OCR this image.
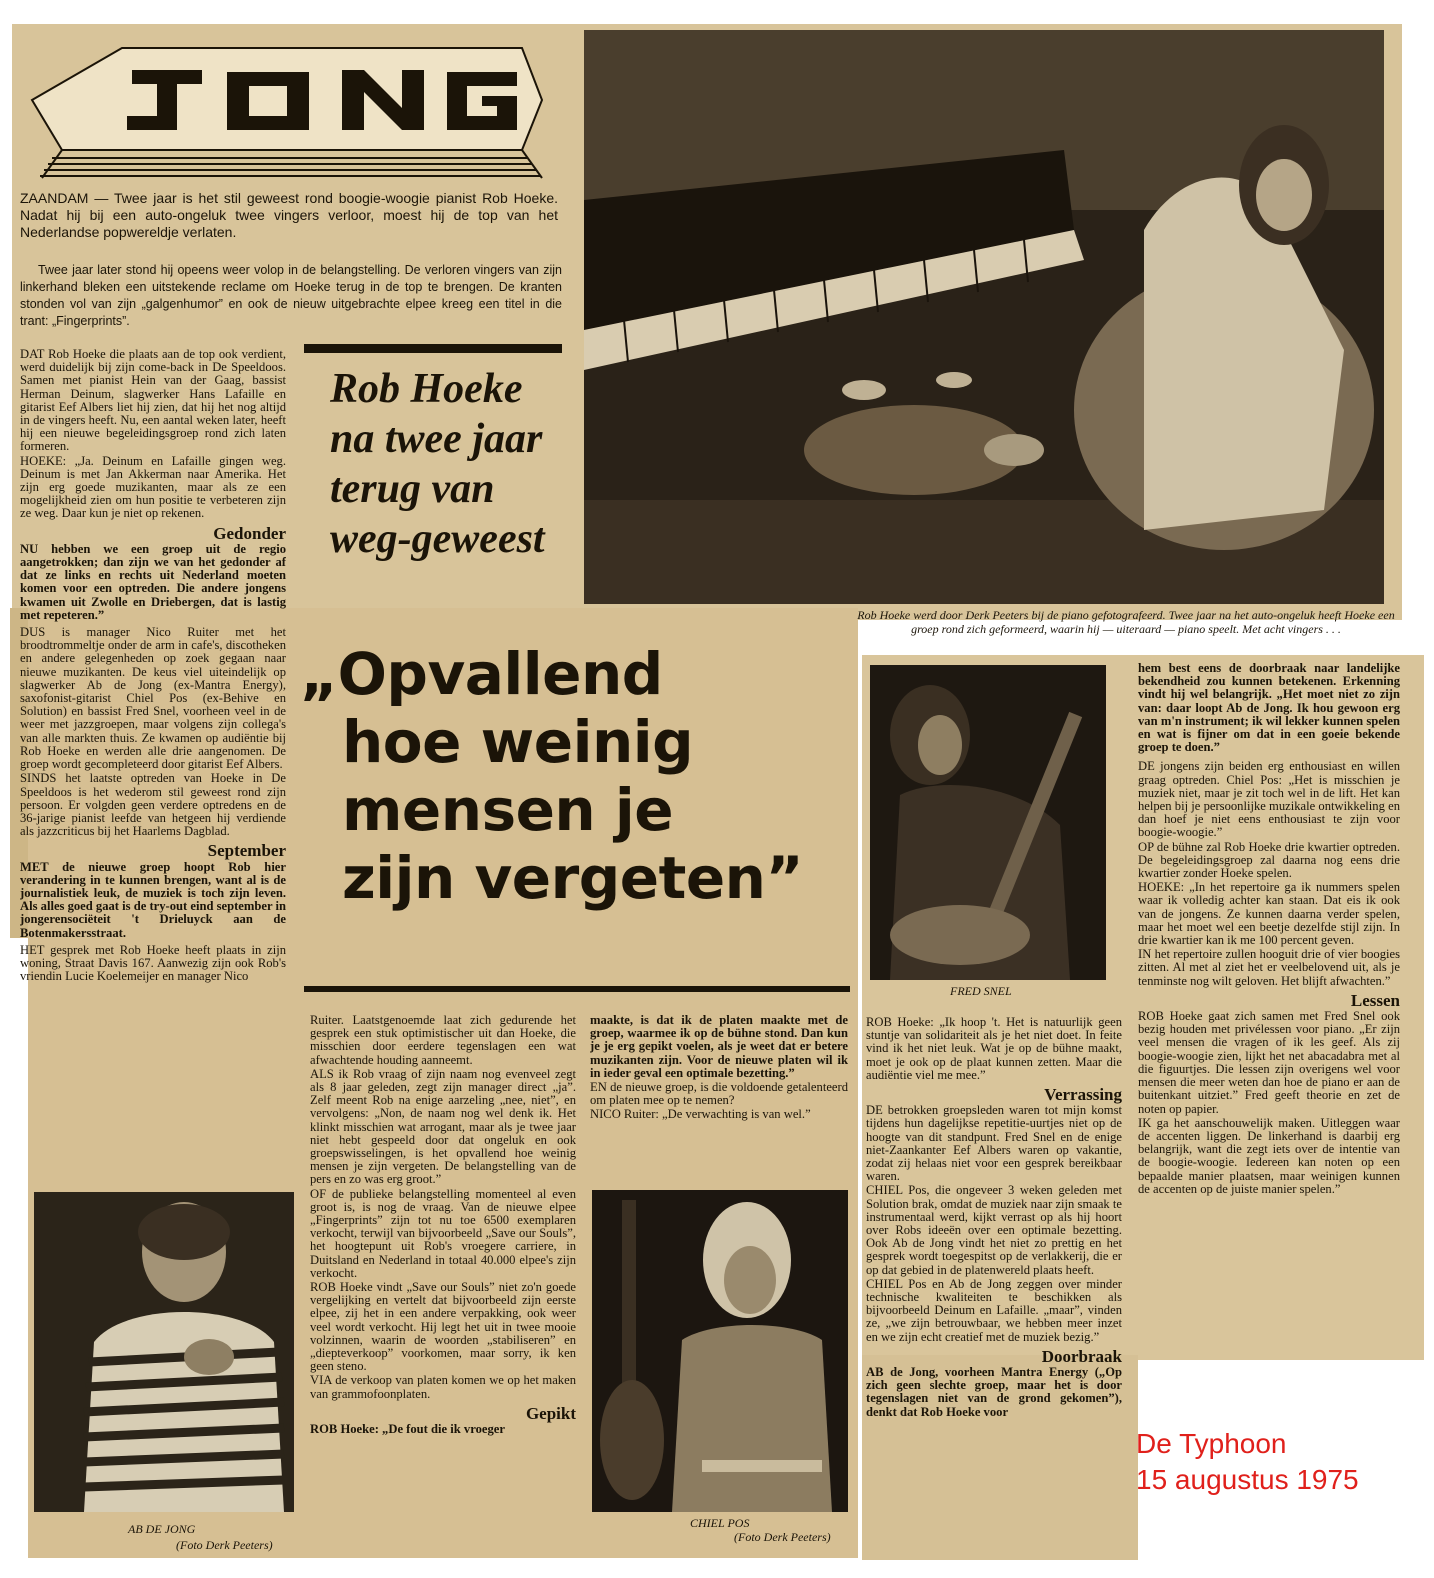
ZAANDAM — Twee jaar is het stil geweest rond boogie-woogie pianist Rob Hoeke. Nadat hij bij een auto-ongeluk twee vingers verloor, moest hij de top van het Nederlandse popwereldje verlaten.
Twee jaar later stond hij opeens weer volop in de belangstelling. De verloren vingers van zijn linkerhand bleken een uitstekende reclame om Hoeke terug in de top te brengen. De kranten stonden vol van zijn „galgenhumor” en ook de nieuw uitgebrachte elpee kreeg een titel in die trant: „Fingerprints”.
Rob Hoeke na twee jaar terug van weg-geweest

DAT Rob Hoeke die plaats aan de top ook verdient, werd duidelijk bij zijn come-back in De Speeldoos. Samen met pianist Hein van der Gaag, bassist Herman Deinum, slagwerker Hans Lafaille en gitarist Eef Albers liet hij zien, dat hij het nog altijd in de vingers heeft. Nu, een aantal weken later, heeft hij een nieuwe begeleidingsgroep rond zich laten formeren.

HOEKE: „Ja. Deinum en Lafaille gingen weg. Deinum is met Jan Akkerman naar Amerika. Het zijn erg goede muzikanten, maar als ze een mogelijkheid zien om hun positie te verbeteren zijn ze weg. Daar kun je niet op rekenen.

Gedonder

NU hebben we een groep uit de regio aangetrokken; dan zijn we van het gedonder af dat ze links en rechts uit Nederland moeten komen voor een optreden. Die andere jongens kwamen uit Zwolle en Driebergen, dat is lastig met repeteren.”

DUS is manager Nico Ruiter met het broodtrommeltje onder de arm in cafe's, discotheken en andere gelegenheden op zoek gegaan naar nieuwe muzikanten. De keus viel uiteindelijk op slagwerker Ab de Jong (ex-Mantra Energy), saxofonist-gitarist Chiel Pos (ex-Behive en Solution) en bassist Fred Snel, voorheen veel in de weer met jazzgroepen, maar volgens zijn collega's van alle markten thuis. Ze kwamen op audiëntie bij Rob Hoeke en werden alle drie aangenomen. De groep wordt gecompleteerd door gitarist Eef Albers.

SINDS het laatste optreden van Hoeke in De Speeldoos is het wederom stil geweest rond zijn persoon. Er volgden geen verdere optredens en de 36-jarige pianist leefde van hetgeen hij verdiende als jazzcriticus bij het Haarlems Dagblad.

September

MET de nieuwe groep hoopt Rob hier verandering in te kunnen brengen, want al is de journalistiek leuk, de muziek is toch zijn leven. Als alles goed gaat is de try-out eind september in jongerensociëteit 't Drieluyck aan de Botenmakersstraat.

HET gesprek met Rob Hoeke heeft plaats in zijn woning, Straat Davis 167. Aanwezig zijn ook Rob's vriendin Lucie Koelemeijer en manager Nico

Rob Hoeke werd door Derk Peeters bij de piano gefotografeerd. Twee jaar na het auto-ongeluk heeft Hoeke een groep rond zich geformeerd, waarin hij — uiteraard — piano speelt. Met acht vingers . . .
„Opvallend
hoe weinig
mensen je
zijn vergeten”

Ruiter. Laatstgenoemde laat zich gedurende het gesprek een stuk optimistischer uit dan Hoeke, die misschien door eerdere tegenslagen een wat afwachtende houding aanneemt.

ALS ik Rob vraag of zijn naam nog evenveel zegt als 8 jaar geleden, zegt zijn manager direct „ja”. Zelf meent Rob na enige aarzeling „nee, niet”, en vervolgens: „Non, de naam nog wel denk ik. Het klinkt misschien wat arrogant, maar als je twee jaar niet hebt gespeeld door dat ongeluk en ook groepswisselingen, is het opvallend hoe weinig mensen je zijn vergeten. De belangstelling van de pers en zo was erg groot.”

OF de publieke belangstelling momenteel al even groot is, is nog de vraag. Van de nieuwe elpee „Fingerprints” zijn tot nu toe 6500 exemplaren verkocht, terwijl van bijvoorbeeld „Save our Souls”, het hoogtepunt uit Rob's vroegere carriere, in Duitsland en Nederland in totaal 40.000 elpee's zijn verkocht.

ROB Hoeke vindt „Save our Souls” niet zo'n goede vergelijking en vertelt dat bijvoorbeeld zijn eerste elpee, zij het in een andere verpakking, ook weer veel wordt verkocht. Hij legt het uit in twee mooie volzinnen, waarin de woorden „stabiliseren” en „diepteverkoop” voorkomen, maar sorry, ik ken geen steno.

VIA de verkoop van platen komen we op het maken van grammofoonplaten.

Gepikt

ROB Hoeke: „De fout die ik vroeger

maakte, is dat ik de platen maakte met de groep, waarmee ik op de bühne stond. Dan kun je je erg gepikt voelen, als je weet dat er betere muzikanten zijn. Voor de nieuwe platen wil ik in ieder geval een optimale bezetting.”

EN de nieuwe groep, is die voldoende getalenteerd om platen mee op te nemen?

NICO Ruiter: „De verwachting is van wel.”

AB DE JONG
(Foto Derk Peeters)
CHIEL POS
(Foto Derk Peeters)
FRED SNEL

ROB Hoeke: „Ik hoop 't. Het is natuurlijk geen stuntje van solidariteit als je het niet doet. In feite vind ik het niet leuk. Wat je op de bühne maakt, moet je ook op de plaat kunnen zetten. Maar die audiëntie viel me mee.”

Verrassing

DE betrokken groepsleden waren tot mijn komst tijdens hun dagelijkse repetitie-uurtjes niet op de hoogte van dit standpunt. Fred Snel en de enige niet-Zaankanter Eef Albers waren op vakantie, zodat zij helaas niet voor een gesprek bereikbaar waren.

CHIEL Pos, die ongeveer 3 weken geleden met Solution brak, omdat de muziek naar zijn smaak te instrumentaal werd, kijkt verrast op als hij hoort over Robs ideeën over een optimale bezetting. Ook Ab de Jong vindt het niet zo prettig en het gesprek wordt toegespitst op de verlakkerij, die er op dat gebied in de platenwereld plaats heeft.

CHIEL Pos en Ab de Jong zeggen over minder technische kwaliteiten te beschikken als bijvoorbeeld Deinum en Lafaille. „maar”, vinden ze, „we zijn betrouwbaar, we hebben meer inzet en we zijn echt creatief met de muziek bezig.”

Doorbraak

AB de Jong, voorheen Mantra Energy („Op zich geen slechte groep, maar het is door tegenslagen niet van de grond gekomen”), denkt dat Rob Hoeke voor

hem best eens de doorbraak naar landelijke bekendheid zou kunnen betekenen. Erkenning vindt hij wel belangrijk. „Het moet niet zo zijn van: daar loopt Ab de Jong. Ik hou gewoon erg van m'n instrument; ik wil lekker kunnen spelen en wat is fijner om dat in een goeie bekende groep te doen.”

DE jongens zijn beiden erg enthousiast en willen graag optreden. Chiel Pos: „Het is misschien je muziek niet, maar je zit toch wel in de lift. Het kan helpen bij je persoonlijke muzikale ontwikkeling en dan hoef je niet eens enthousiast te zijn voor boogie-woogie.”

OP de bühne zal Rob Hoeke drie kwartier optreden. De begeleidingsgroep zal daarna nog eens drie kwartier zonder Hoeke spelen.

HOEKE: „In het repertoire ga ik nummers spelen waar ik volledig achter kan staan. Dat eis ik ook van de jongens. Ze kunnen daarna verder spelen, maar het moet wel een beetje dezelfde stijl zijn. In drie kwartier kan ik me 100 percent geven.

IN het repertoire zullen hooguit drie of vier boogies zitten. Al met al ziet het er veelbelovend uit, als je tenminste nog wilt geloven. Het blijft afwachten.”

Lessen

ROB Hoeke gaat zich samen met Fred Snel ook bezig houden met privélessen voor piano. „Er zijn veel mensen die vragen of ik les geef. Als zij boogie-woogie zien, lijkt het net abacadabra met al die figuurtjes. Die lessen zijn overigens wel voor mensen die meer weten dan hoe de piano er aan de buitenkant uitziet.” Fred geeft theorie en zet de noten op papier.

IK ga het aanschouwelijk maken. Uitleggen waar de accenten liggen. De linkerhand is daarbij erg belangrijk, want die zegt iets over de intentie van de boogie-woogie. Iedereen kan noten op een bepaalde manier plaatsen, maar weinigen kunnen de accenten op de juiste manier spelen.”

De Typhoon
15 augustus 1975
